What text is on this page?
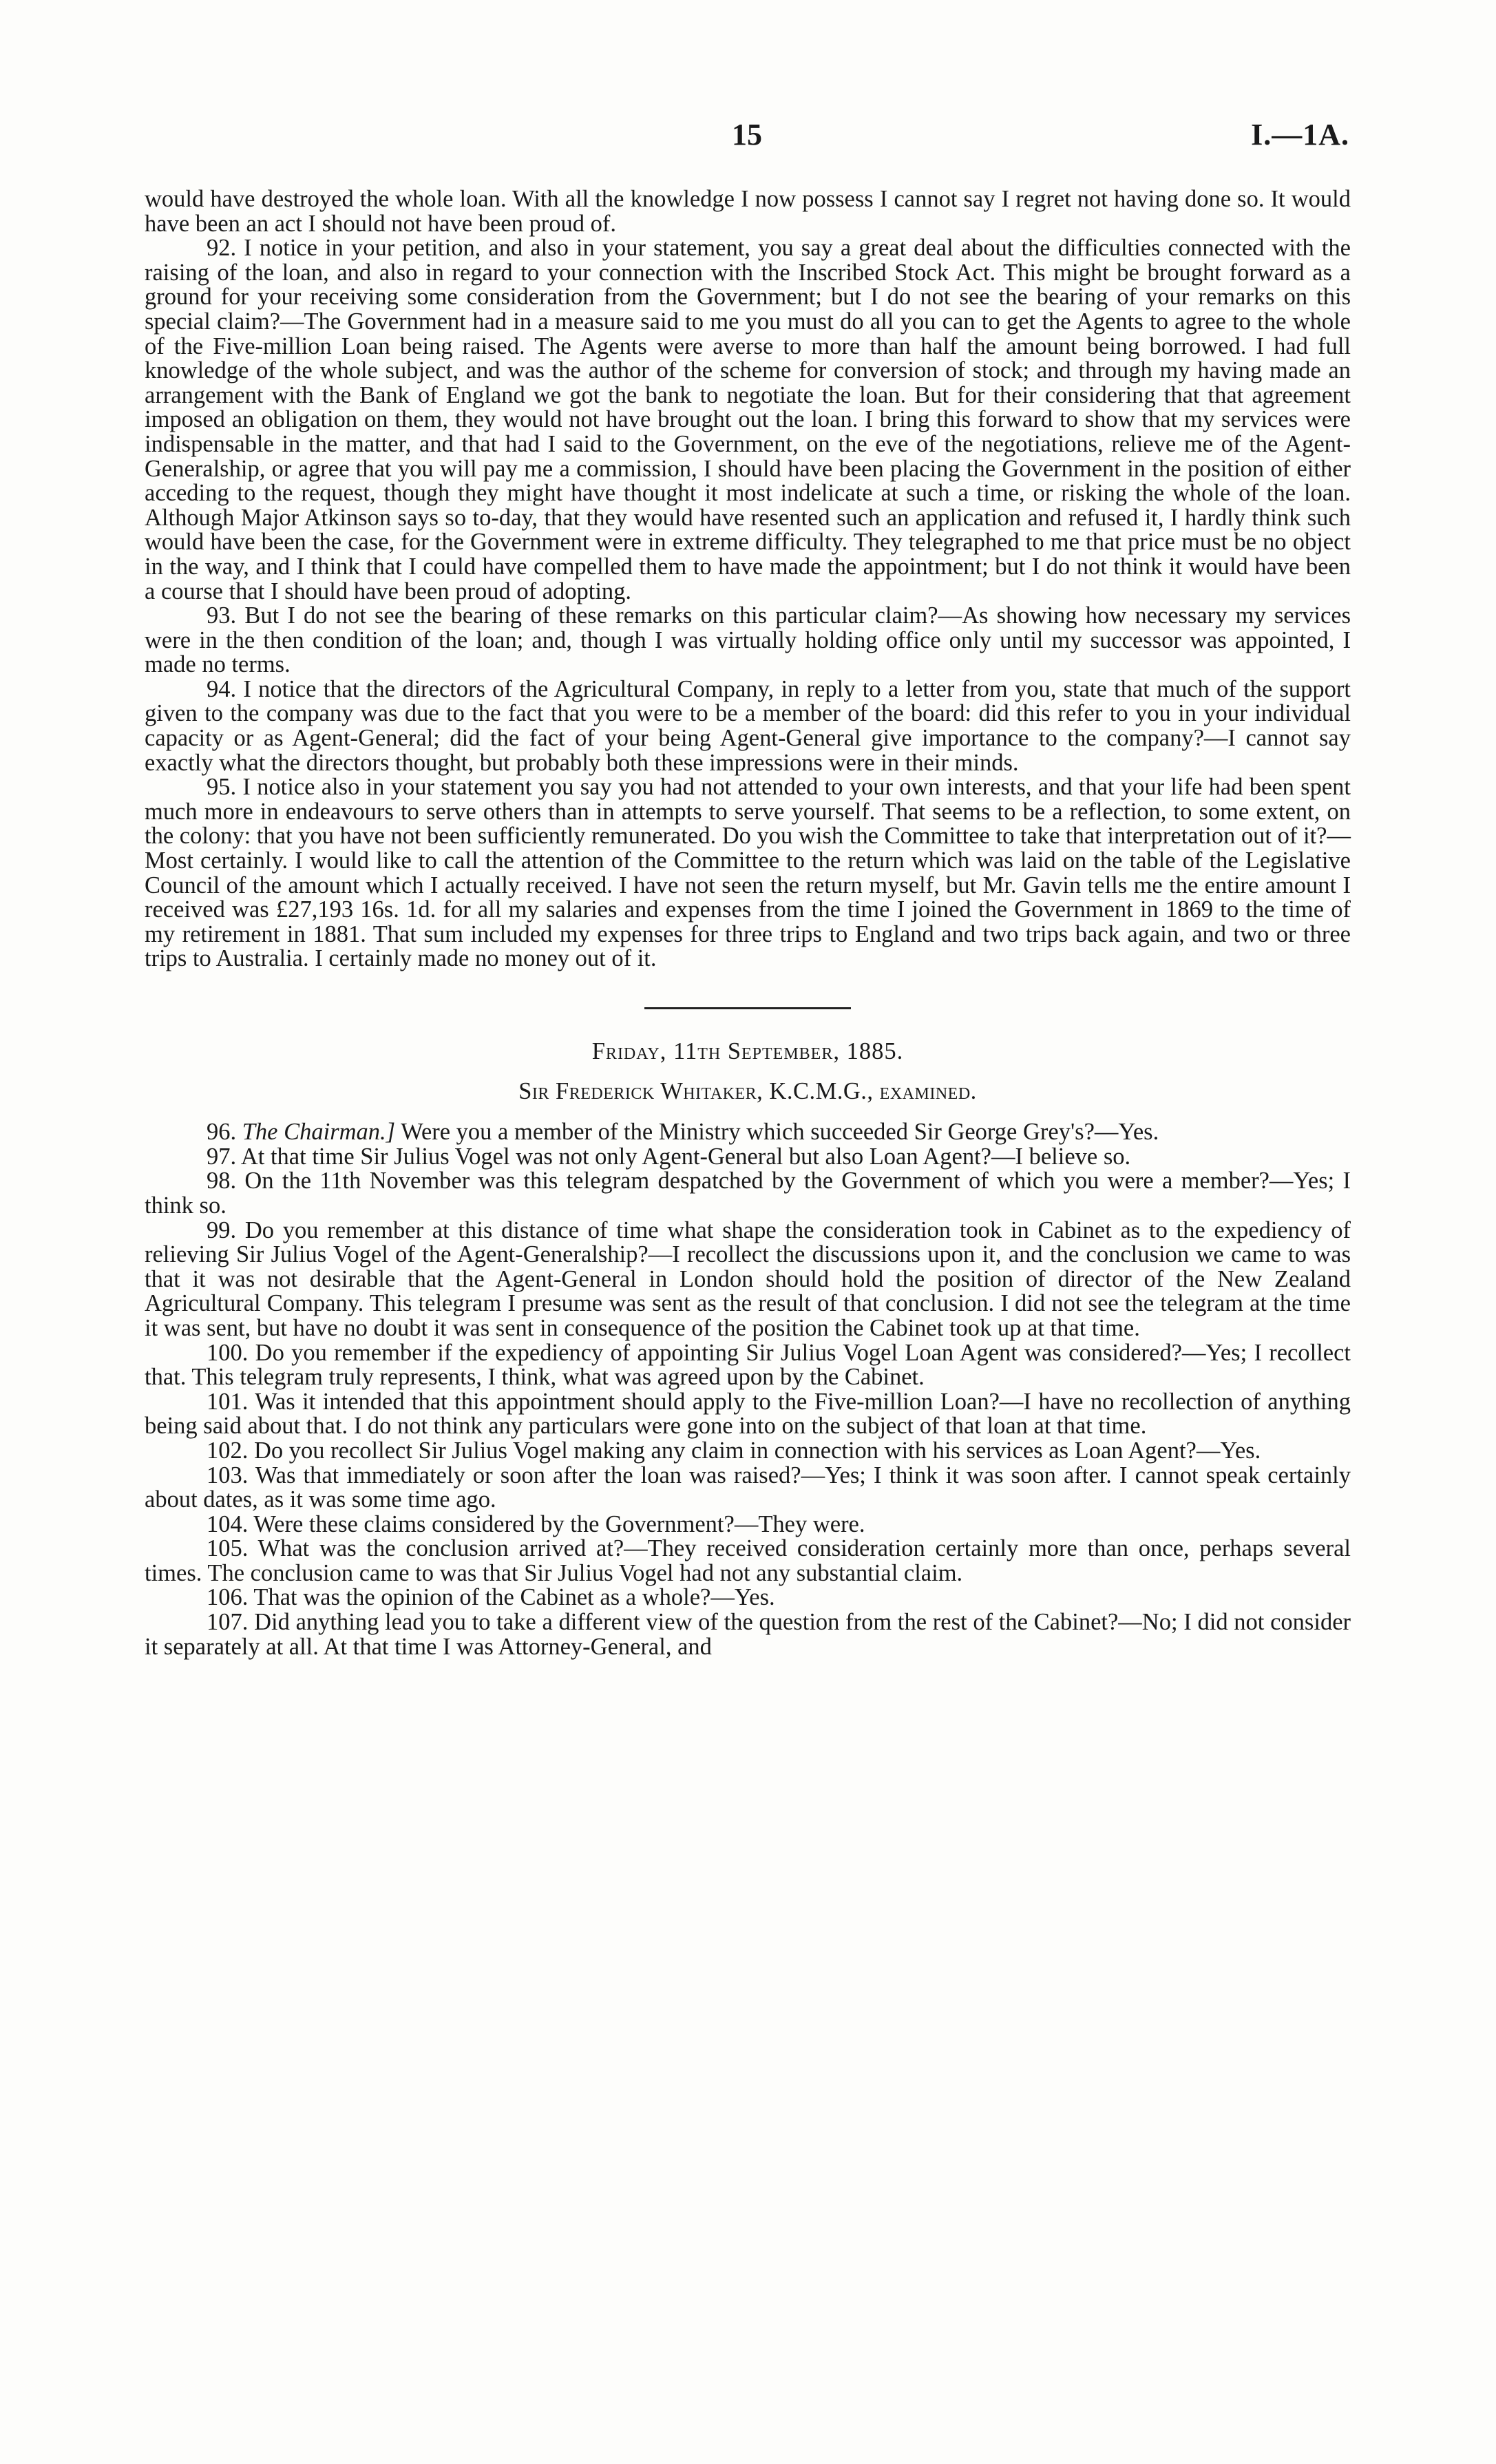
15	I.—1A.

would have destroyed the whole loan. With all the knowledge I now possess I cannot say I regret not having done so. It would have been an act I should not have been proud of.

92. I notice in your petition, and also in your statement, you say a great deal about the difficulties connected with the raising of the loan, and also in regard to your connection with the Inscribed Stock Act. This might be brought forward as a ground for your receiving some consideration from the Government; but I do not see the bearing of your remarks on this special claim?—The Government had in a measure said to me you must do all you can to get the Agents to agree to the whole of the Five-million Loan being raised. The Agents were averse to more than half the amount being borrowed. I had full knowledge of the whole subject, and was the author of the scheme for conversion of stock; and through my having made an arrangement with the Bank of England we got the bank to negotiate the loan. But for their considering that that agreement imposed an obligation on them, they would not have brought out the loan. I bring this forward to show that my services were indispensable in the matter, and that had I said to the Government, on the eve of the negotiations, relieve me of the Agent-Generalship, or agree that you will pay me a commission, I should have been placing the Government in the position of either acceding to the request, though they might have thought it most indelicate at such a time, or risking the whole of the loan. Although Major Atkinson says so to-day, that they would have resented such an application and refused it, I hardly think such would have been the case, for the Government were in extreme difficulty. They telegraphed to me that price must be no object in the way, and I think that I could have compelled them to have made the appointment; but I do not think it would have been a course that I should have been proud of adopting.

93. But I do not see the bearing of these remarks on this particular claim?—As showing how necessary my services were in the then condition of the loan; and, though I was virtually holding office only until my successor was appointed, I made no terms.

94. I notice that the directors of the Agricultural Company, in reply to a letter from you, state that much of the support given to the company was due to the fact that you were to be a member of the board: did this refer to you in your individual capacity or as Agent-General; did the fact of your being Agent-General give importance to the company?—I cannot say exactly what the directors thought, but probably both these impressions were in their minds.

95. I notice also in your statement you say you had not attended to your own interests, and that your life had been spent much more in endeavours to serve others than in attempts to serve yourself. That seems to be a reflection, to some extent, on the colony: that you have not been sufficiently remunerated. Do you wish the Committee to take that interpretation out of it?—Most certainly. I would like to call the attention of the Committee to the return which was laid on the table of the Legislative Council of the amount which I actually received. I have not seen the return myself, but Mr. Gavin tells me the entire amount I received was £27,193 16s. 1d. for all my salaries and expenses from the time I joined the Government in 1869 to the time of my retirement in 1881. That sum included my expenses for three trips to England and two trips back again, and two or three trips to Australia. I certainly made no money out of it.

Friday, 11th September, 1885.

Sir Frederick Whitaker, K.C.M.G., examined.

96. The Chairman.] Were you a member of the Ministry which succeeded Sir George Grey's?—Yes.

97. At that time Sir Julius Vogel was not only Agent-General but also Loan Agent?—I believe so.

98. On the 11th November was this telegram despatched by the Government of which you were a member?—Yes; I think so.

99. Do you remember at this distance of time what shape the consideration took in Cabinet as to the expediency of relieving Sir Julius Vogel of the Agent-Generalship?—I recollect the discussions upon it, and the conclusion we came to was that it was not desirable that the Agent-General in London should hold the position of director of the New Zealand Agricultural Company. This telegram I presume was sent as the result of that conclusion. I did not see the telegram at the time it was sent, but have no doubt it was sent in consequence of the position the Cabinet took up at that time.

100. Do you remember if the expediency of appointing Sir Julius Vogel Loan Agent was considered?—Yes; I recollect that. This telegram truly represents, I think, what was agreed upon by the Cabinet.

101. Was it intended that this appointment should apply to the Five-million Loan?—I have no recollection of anything being said about that. I do not think any particulars were gone into on the subject of that loan at that time.

102. Do you recollect Sir Julius Vogel making any claim in connection with his services as Loan Agent?—Yes.

103. Was that immediately or soon after the loan was raised?—Yes; I think it was soon after. I cannot speak certainly about dates, as it was some time ago.

104. Were these claims considered by the Government?—They were.

105. What was the conclusion arrived at?—They received consideration certainly more than once, perhaps several times. The conclusion came to was that Sir Julius Vogel had not any substantial claim.

106. That was the opinion of the Cabinet as a whole?—Yes.

107. Did anything lead you to take a different view of the question from the rest of the Cabinet?—No; I did not consider it separately at all. At that time I was Attorney-General, and
